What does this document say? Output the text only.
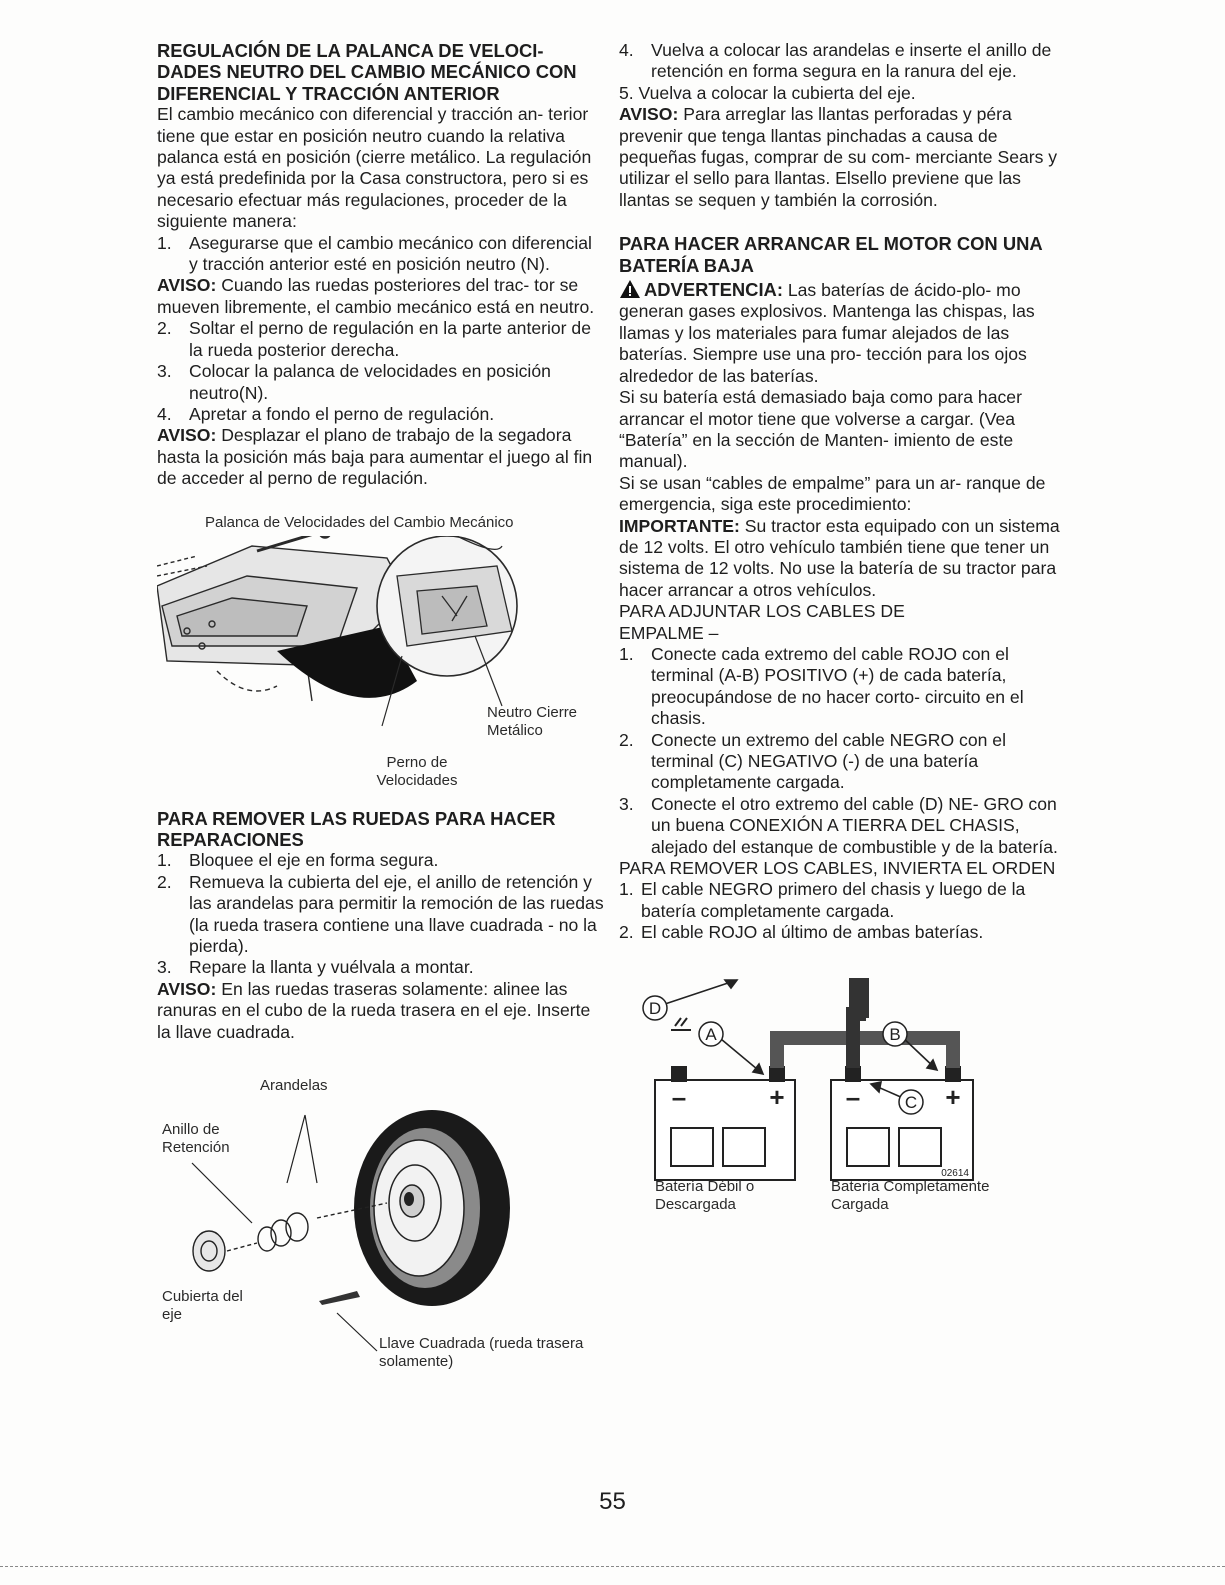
REGULACIÓN DE LA PALANCA DE VELOCI- DADES NEUTRO DEL CAMBIO MECÁNICO CON DIFERENCIAL Y TRACCIÓN ANTERIOR

El cambio mecánico con diferencial y tracción an- terior tiene que estar en posición neutro cuando la relativa palanca está en posición (cierre metálico. La regulación ya está predefinida por la Casa constructora, pero si es necesario efectuar más regulaciones, proceder de la siguiente manera:

1. Asegurarse que el cambio mecánico con diferencial y tracción anterior esté en posición neutro (N).

AVISO: Cuando las ruedas posteriores del trac- tor se mueven libremente, el cambio mecánico está en neutro.

2. Soltar el perno de regulación en la parte anterior de la rueda posterior derecha.
3. Colocar la palanca de velocidades en posición neutro(N).
4. Apretar a fondo el perno de regulación.

AVISO: Desplazar el plano de trabajo de la segadora hasta la posición más baja para aumentar el juego al fin de acceder al perno de regulación.

Palanca de Velocidades del Cambio Mecánico

Neutro Cierre Metálico

Perno de Velocidades

PARA REMOVER LAS RUEDAS PARA HACER REPARACIONES

1. Bloquee el eje en forma segura.
2. Remueva la cubierta del eje, el anillo de retención y las arandelas para permitir la remoción de las ruedas (la rueda trasera contiene una llave cuadrada - no la pierda).
3. Repare la llanta y vuélvala a montar.

AVISO: En las ruedas traseras solamente: alinee las ranuras en el cubo de la rueda trasera en el eje. Inserte la llave cuadrada.

Arandelas

Anillo de Retención

Cubierta del eje

Llave Cuadrada (rueda trasera solamente)

4. Vuelva a colocar las arandelas e inserte el anillo de retención en forma segura en la ranura del eje.

5. Vuelva a colocar la cubierta del eje.

AVISO: Para arreglar las llantas perforadas y péra prevenir que tenga llantas pinchadas a causa de pequeñas fugas, comprar de su com- merciante Sears y utilizar el sello para llantas. Elsello previene que las llantas se sequen y también la corrosión.

PARA HACER ARRANCAR EL MOTOR CON UNA BATERÍA BAJA

ADVERTENCIA: Las baterías de ácido-plo- mo generan gases explosivos. Mantenga las chispas, las llamas y los materiales para fumar alejados de las baterías. Siempre use una pro- tección para los ojos alrededor de las baterías.

Si su batería está demasiado baja como para hacer arrancar el motor tiene que volverse a cargar. (Vea “Batería” en la sección de Manten- imiento de este manual).

Si se usan “cables de empalme” para un ar- ranque de emergencia, siga este procedimiento:

IMPORTANTE: Su tractor esta equipado con un sistema de 12 volts. El otro vehículo también tiene que tener un sistema de 12 volts. No use la batería de su tractor para hacer arrancar a otros vehículos.

PARA ADJUNTAR LOS CABLES DE EMPALME –

1. Conecte cada extremo del cable ROJO con el terminal (A-B) POSITIVO (+) de cada batería, preocupándose de no hacer corto- circuito en el chasis.
2. Conecte un extremo del cable NEGRO con el terminal (C) NEGATIVO (-) de una batería completamente cargada.
3. Conecte el otro extremo del cable (D) NE- GRO con un buena CONEXIÓN A TIERRA DEL CHASIS, alejado del estanque de combustible y de la batería.

PARA REMOVER LOS CABLES, INVIERTA EL ORDEN

1. El cable NEGRO primero del chasis y luego de la batería completamente cargada.
2. El cable ROJO al último de ambas baterías.
D
A	B
C
–	+ –	+
02614

Batería Débil o Descargada

Batería Completamente Cargada

55
